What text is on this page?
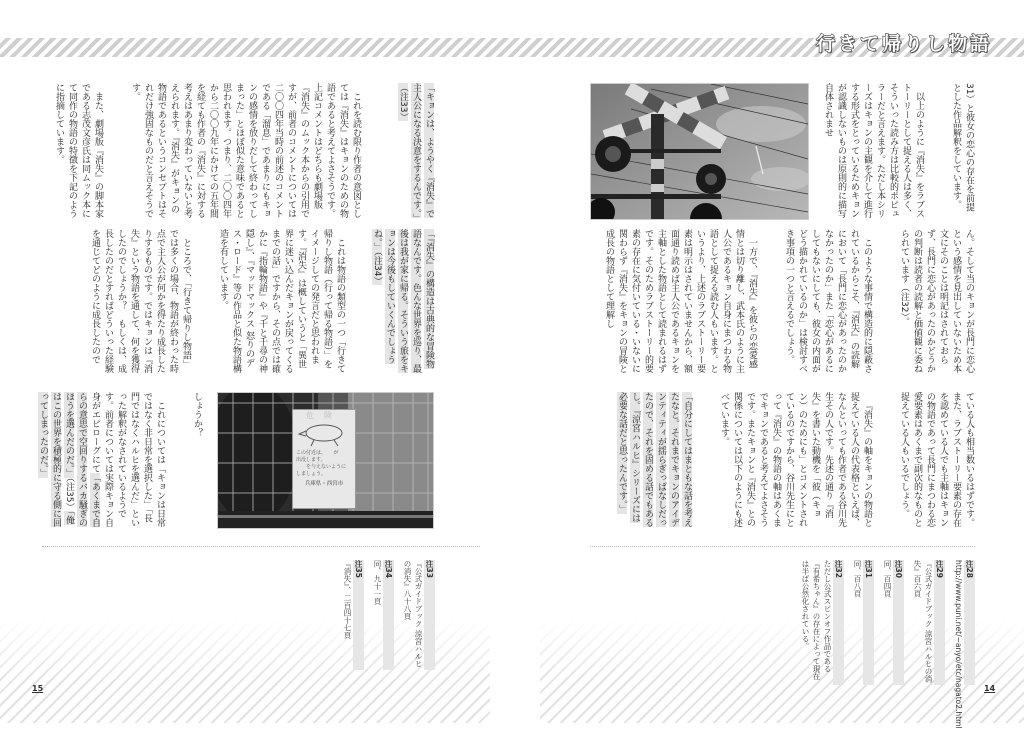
行きて帰りし物語

31）と彼女の恋心の存在を前提とした作品解釈をしています。

以上のように『消失』をラブストーリーとして捉える人は多く、そういった読み方は比較的ポピュラーだと言えます。ただし本シリーズはキョンの主観を介して進行する形式をとっているためキョンが認識しないものは原則的に描写自体されませ

ん。そして当のキョンが長門に恋心という感情を見出していないため本文にそのことは明記はされておらず、長門に恋心があったのかどうかの判断は読者の読解と価値観に委ねられています（注32）。

このような事情で構造的に隠蔽されているからこそ、『消失』の読解において「長門に恋心があったのかなかったのか」また「恋心があるにしてもないにしても、彼女の内面がどう描かれているのか」は検討すべき事項の一つと言えるでしょう。

一方で、『消失』を彼らの恋愛感情とは切り離し、武本氏のように主人公であるキョン自身にまつわる物語として捉える読む人もいます。というより、上述のラブストーリー要素は明示はされていませんから、額面通り読めば主人公であるキョンを主軸とした物語として読まれるはずです。そのためラブストーリー的要素の存在に気付いている・いないに関わらず『消失』をキョンの冒険と成長の物語として理解し

ている人も相当数いるはずです。また、ラブストーリー要素の存在を認めている人でも主軸はキョンの物語であって長門にまつわる恋愛要素はあくまで副次的なものと捉えている人もいるでしょう。

『消失』の軸をキョンの物語と捉えている人の代表格といえば、なんといっても作者である谷川先生その人です。先述の通り『消失』を書いた動機を「彼（キョン）のためにも」とコメントされているのですから、谷川先生にとって『消失』の物語の軸はあくまでキョンであると考えてよさそうです。またキョンと『消失』との関係については以下のようにも述べています。

「自分にしてはまともな話を考えたなと。それまでキョンのアイデンティティが揺らぎっぱなしだったので、それを固める話でもあるし。『涼宮ハルヒ』シリーズには必要な話だと思ったんです。」

注28
http://www.puni.net/~anyo/etc/nagato2.html
注29
『公式ガイドブック 涼宮ハルヒの消失』百六頁
注30
同、百四頁
注31
同、百八頁
注32
ただし公式スピンオフ作品である『有希ちゃん』の存在によって現在は半ば公然化されている。
14

「キョンは、ようやく『消失』で主人公になる決意をするんです。」（注33）

これを読む限り作者の意図としては『消失』はキョンのための物語であると考えてよさそうです。上記コメントはどちらも劇場版『消失』のムック本からの引用ですが、前者のコメントについては二〇〇四年当時の前述のコメントである「溜息」であまりにもキョンの感情を放りだして終わってしまった」とほぼ似た意味であると思われます。つまり、二〇〇四年から二〇〇九年にかけての五年間を経ても作者の『消失』に対する考えはあまり変わっていないと考えられます。『消失』がキョンの物語であるというコンセプトはそれだけ強固なものだと言えそうです。

また、劇場版『消失』の脚本家である志茂文彦氏は同ムック本にて同作の物語の特徴を下記のように指摘しています。

「『消失』の構造は古典的な冒険物語なんです。色んな世界を巡り、最後は我が家に帰る。そういう旅をキョンは今後もしていくんでしょうね。」（注34）

これは物語の類型の一つ「行きて帰りし物語（行って帰る物語）」をイメージしての発言だと思われます。『消失』は概していうと「異世界に迷い込んだキョンが戻ってくるまでの話」ですから、その点では確かに『指輪物語』や『千と千尋の神隠し』、『マッドマックス 怒りのデス・ロード』等の作品と似た物語構造を有しています。

ところで、「行きて帰りし物語」では多くの場合、物語が終わった時点で主人公が何かを得たり成長したりするものです。ではキョンは『消失』という物語を通して、何を獲得したのでしょうか？　もしくは、成長したのだとすればどういった経験を通じてどのように成長したので

しょうか？

これについては「キョンは日常ではなく非日常を選択した」「長門ではなくハルヒを選んだ」といった解釈がなされているようです。前者については実際キョン自身がエピローグにて「あくまで自らの意思で空回りするバカ騒ぎのほうを選んだのだ。」（注35）「俺はこの世界を積極的に守る側に回ってしまったのだ。」	危険
この付近は、　　が
出没します。
　　を与えないように
しましょう。
兵庫県・西宮市
注33
『公式ガイドブック 涼宮ハルヒの消失』八十八頁
注34
同、九十一頁
注35
『消失』、二百四十七頁
15
